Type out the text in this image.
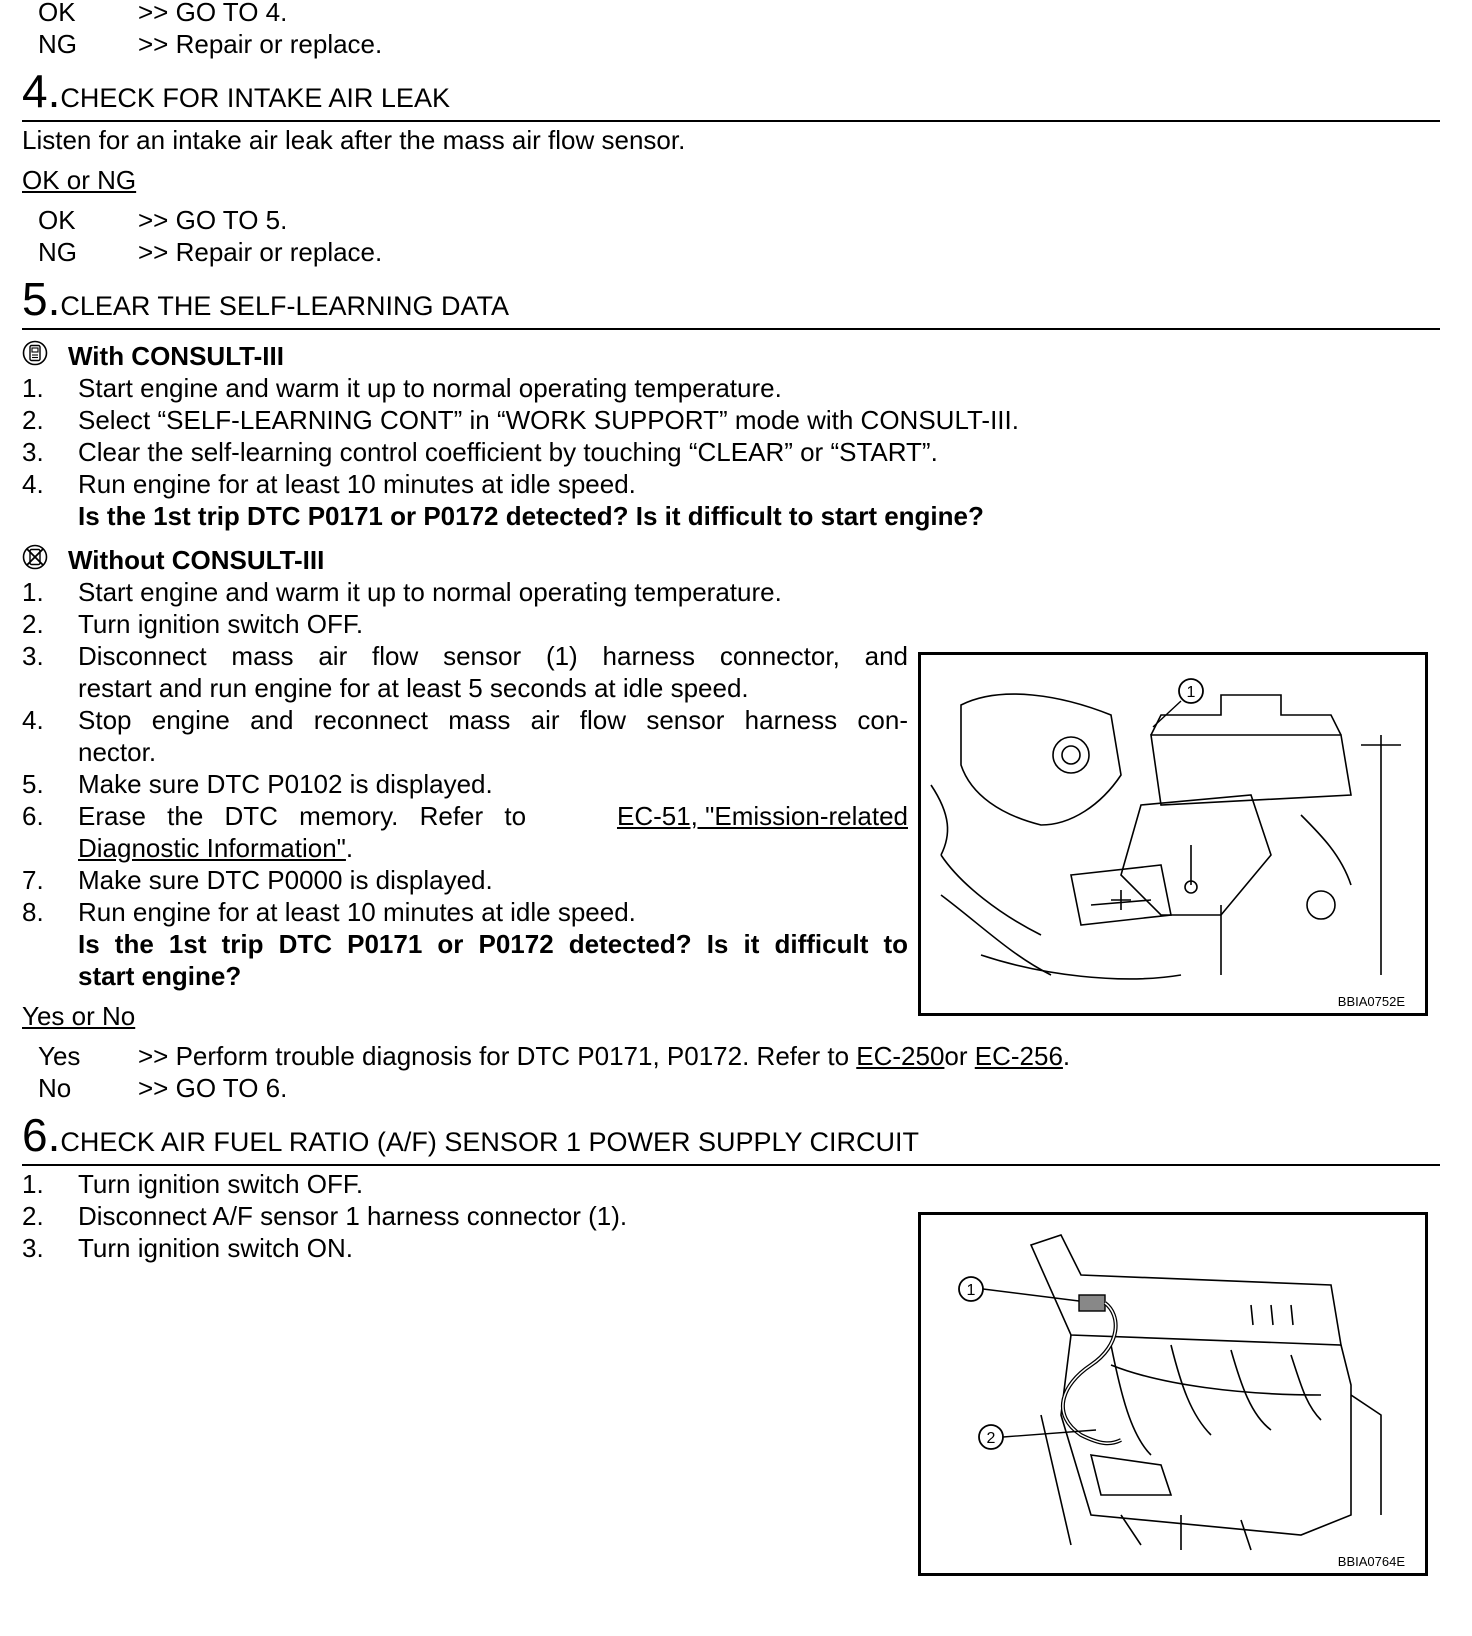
OK >> GO TO 4.
NG >> Repair or replace.
4.CHECK FOR INTAKE AIR LEAK
Listen for an intake air leak after the mass air flow sensor.
OK or NG
OK >> GO TO 5.
NG >> Repair or replace.
5.CLEAR THE SELF-LEARNING DATA
With CONSULT-III
1. Start engine and warm it up to normal operating temperature.
2. Select “SELF-LEARNING CONT” in “WORK SUPPORT” mode with CONSULT-III.
3. Clear the self-learning control coefficient by touching “CLEAR” or “START”.
4. Run engine for at least 10 minutes at idle speed.
Is the 1st trip DTC P0171 or P0172 detected? Is it difficult to start engine?
Without CONSULT-III
1. Start engine and warm it up to normal operating temperature.
2. Turn ignition switch OFF.
3. Disconnect mass air flow sensor (1) harness connector, and
restart and run engine for at least 5 seconds at idle speed.
4. Stop engine and reconnect mass air flow sensor harness con-
nector.
5. Make sure DTC P0102 is displayed.
6. Erase the DTC memory. Refer to	EC-51, "Emission-related
Diagnostic Information".
7. Make sure DTC P0000 is displayed.
8. Run engine for at least 10 minutes at idle speed.
Is the 1st trip DTC P0171 or P0172 detected? Is it difficult to
start engine?
1
BBIA0752E
Yes or No
Yes >> Perform trouble diagnosis for DTC P0171, P0172. Refer to EC-250or EC-256.
No	>> GO TO 6.
6.CHECK AIR FUEL RATIO (A/F) SENSOR 1 POWER SUPPLY CIRCUIT
1. Turn ignition switch OFF.
2. Disconnect A/F sensor 1 harness connector (1).
3. Turn ignition switch ON.
1
2
BBIA0764E
